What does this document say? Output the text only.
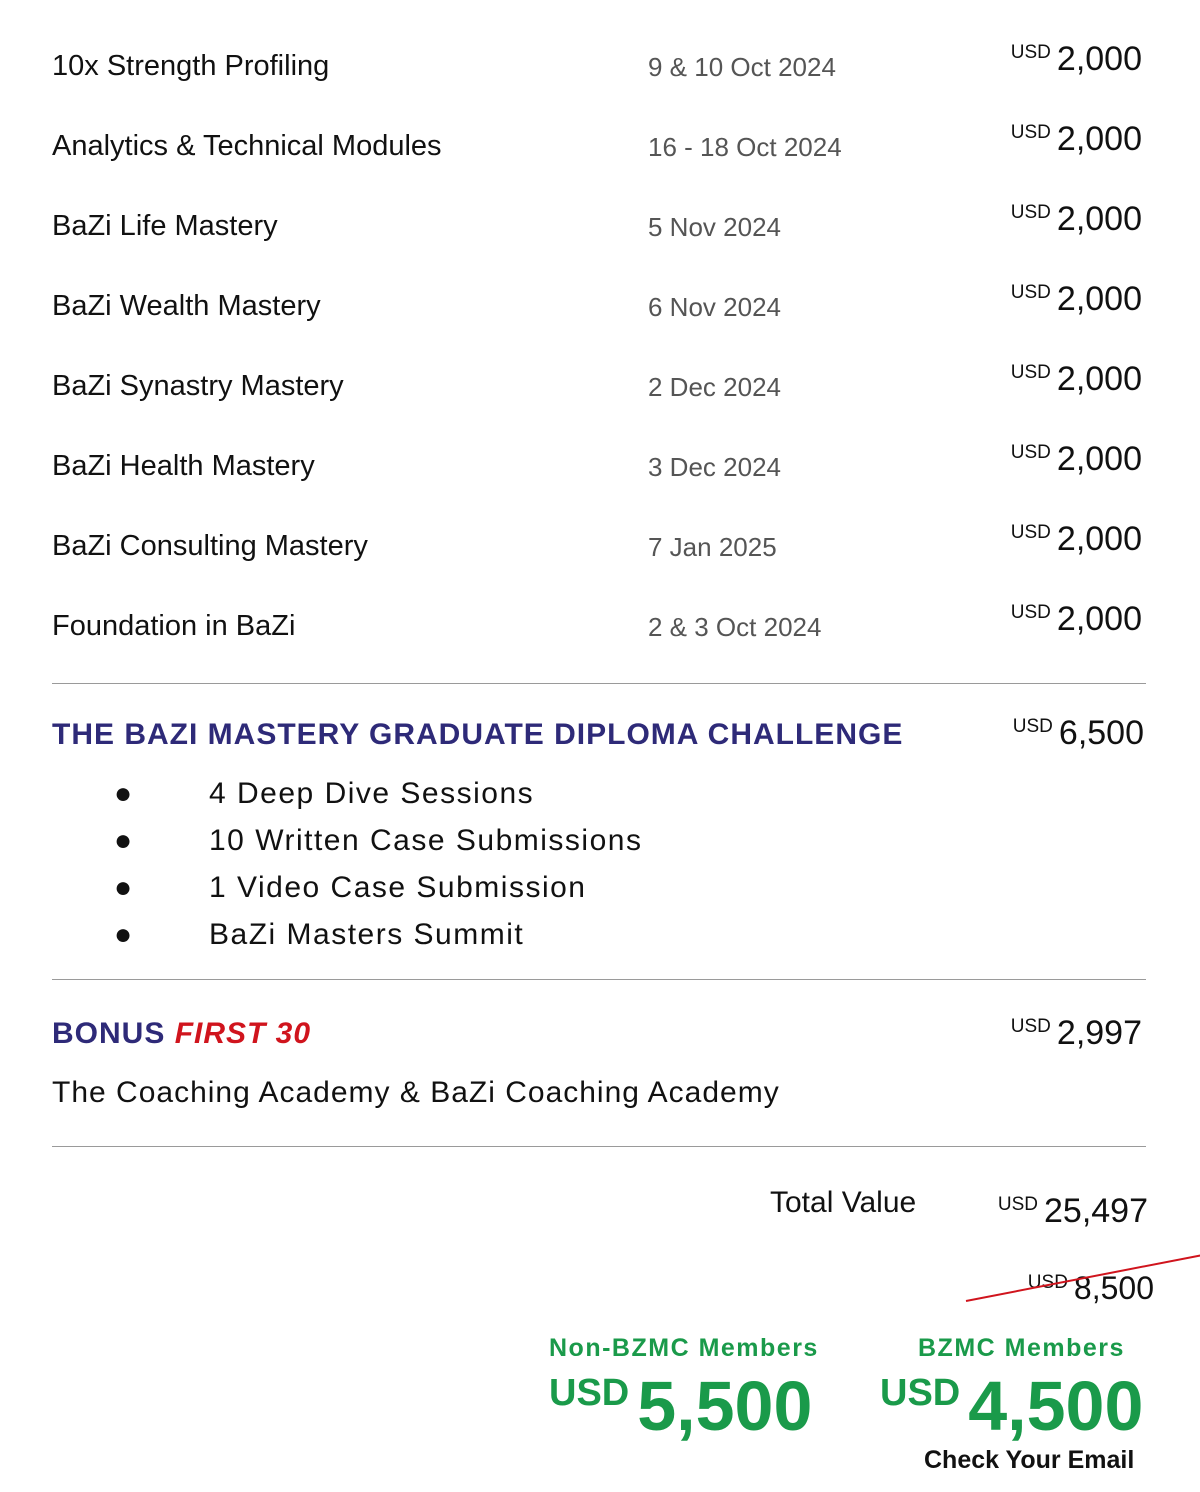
10x Strength Profiling	9 & 10 Oct 2024	USD 2,000
Analytics & Technical Modules	16 - 18 Oct 2024	USD 2,000
BaZi Life Mastery	5 Nov 2024	USD 2,000
BaZi Wealth Mastery	6 Nov 2024	USD 2,000
BaZi Synastry Mastery	2 Dec 2024	USD 2,000
BaZi Health Mastery	3 Dec 2024	USD 2,000
BaZi Consulting Mastery	7 Jan 2025	USD 2,000
Foundation in BaZi	2 & 3 Oct 2024	USD 2,000
THE BAZI MASTERY GRADUATE DIPLOMA CHALLENGE	USD 6,500
●	4 Deep Dive Sessions
●	10 Written Case Submissions
●	1 Video Case Submission
●	BaZi Masters Summit
BONUS FIRST 30	USD 2,997
The Coaching Academy & BaZi Coaching Academy
Total Value	USD 25,497
USD 8,500
Non-BZMC Members
USD 5,500
BZMC Members
USD 4,500
Check Your Email
